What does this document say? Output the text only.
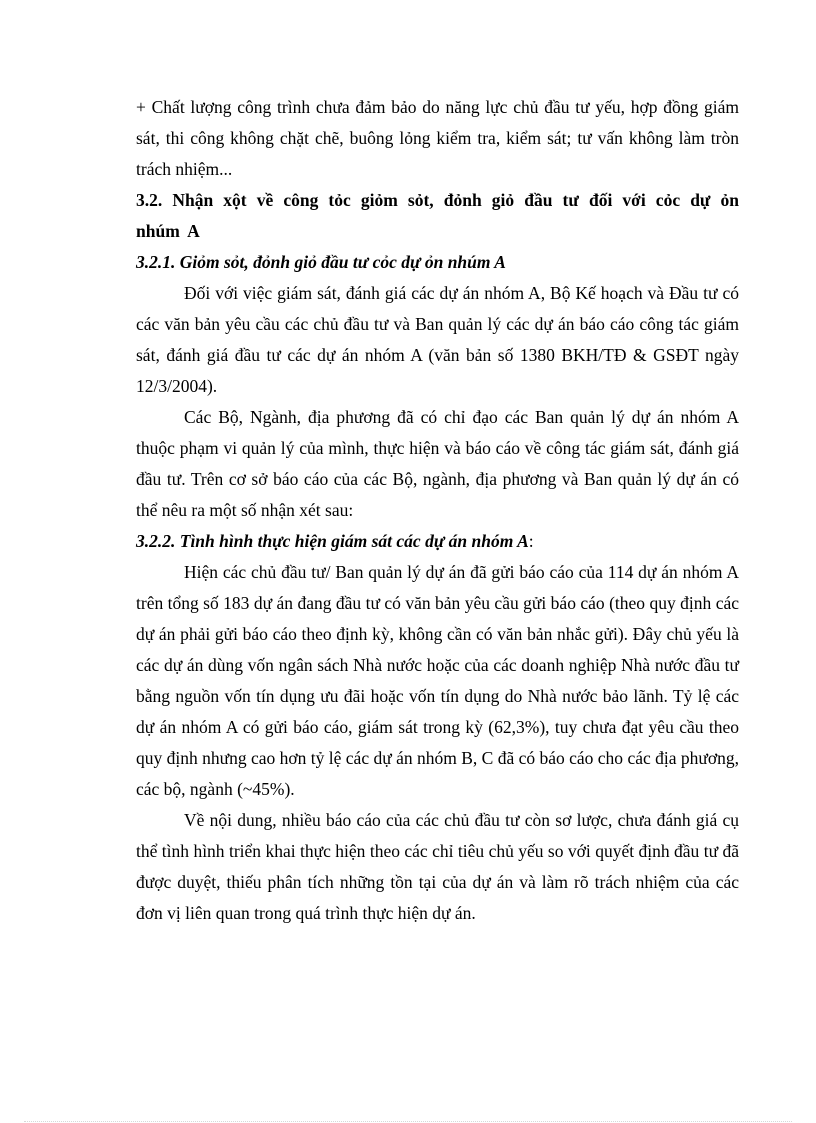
+ Chất lượng công trình chưa đảm bảo do năng lực chủ đầu tư yếu, hợp đồng giám sát, thi công không chặt chẽ, buông lỏng kiểm tra, kiểm sát; tư vấn không làm tròn trách nhiệm...

3.2. Nhận xột về công tỏc giỏm sỏt, đỏnh giỏ đầu tư đối với cỏc dự ỏn nhúm A

3.2.1. Giỏm sỏt, đỏnh giỏ đầu tư cỏc dự ỏn nhúm A

Đối với việc giám sát, đánh giá các dự án nhóm A, Bộ Kế hoạch và Đầu tư có các văn bản yêu cầu các chủ đầu tư và Ban quản lý các dự án báo cáo công tác giám sát, đánh giá đầu tư các dự án nhóm A (văn bản số 1380 BKH/TĐ & GSĐT ngày 12/3/2004).

Các Bộ, Ngành, địa phương đã có chỉ đạo các Ban quản lý dự án nhóm A thuộc phạm vi quản lý của mình, thực hiện và báo cáo về công tác giám sát, đánh giá đầu tư. Trên cơ sở báo cáo của các Bộ, ngành, địa phương và Ban quản lý dự án có thể nêu ra một số nhận xét sau:

3.2.2. Tình hình thực hiện giám sát các dự án nhóm A:

Hiện các chủ đầu tư/ Ban quản lý dự án đã gửi báo cáo của 114 dự án nhóm A trên tổng số 183 dự án đang đầu tư có văn bản yêu cầu gửi báo cáo (theo quy định các dự án phải gửi báo cáo theo định kỳ, không cần có văn bản nhắc gửi). Đây chủ yếu là các dự án dùng vốn ngân sách Nhà nước hoặc của các doanh nghiệp Nhà nước đầu tư bằng nguồn vốn tín dụng ưu đãi hoặc vốn tín dụng do Nhà nước bảo lãnh. Tỷ lệ các dự án nhóm A có gửi báo cáo, giám sát trong kỳ (62,3%), tuy chưa đạt yêu cầu theo quy định nhưng cao hơn tỷ lệ các dự án nhóm B, C đã có báo cáo cho các địa phương, các bộ, ngành (~45%).

Về nội dung, nhiều báo cáo của các chủ đầu tư còn sơ lược, chưa đánh giá cụ thể tình hình triển khai thực hiện theo các chỉ tiêu chủ yếu so với quyết định đầu tư đã được duyệt, thiếu phân tích những tồn tại của dự án và làm rõ trách nhiệm của các đơn vị liên quan trong quá trình thực hiện dự án.
